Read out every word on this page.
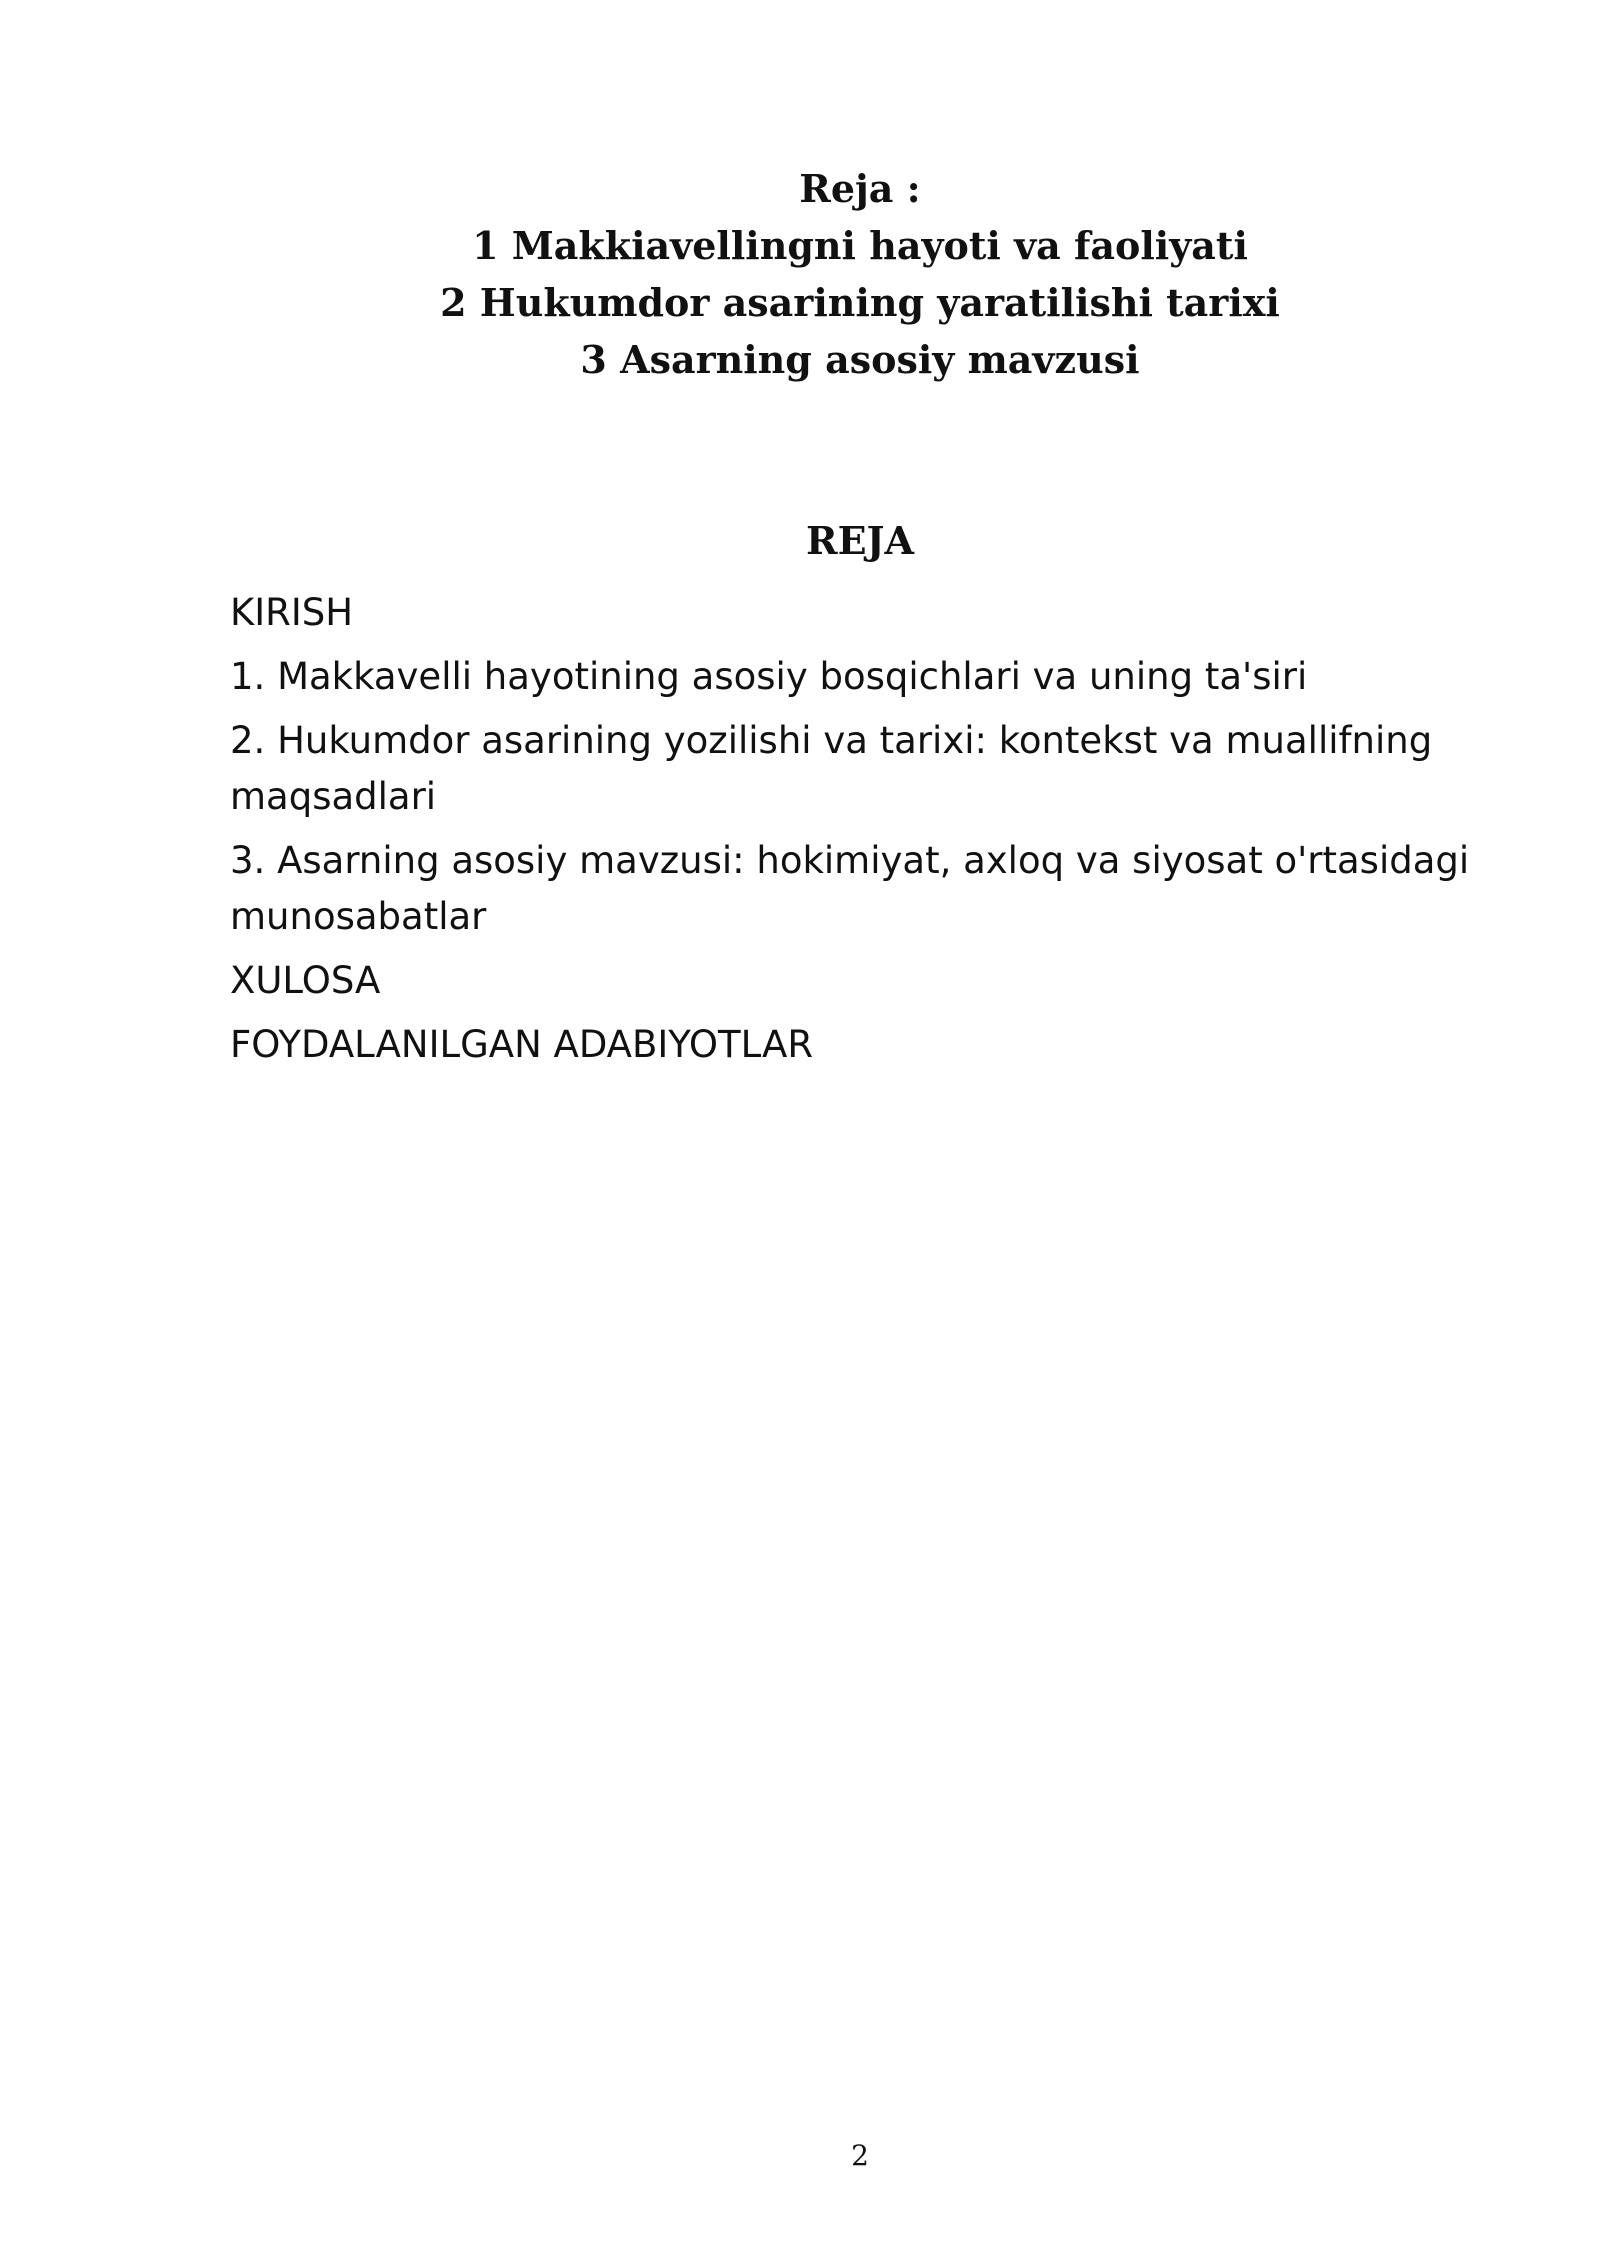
Reja :
1 Makkiavellingni hayoti va faoliyati
2 Hukumdor asarining yaratilishi tarixi
3 Asarning asosiy mavzusi
REJA
KIRISH
1. Makkavelli hayotining asosiy bosqichlari va uning ta'siri
2. Hukumdor asarining yozilishi va tarixi: kontekst va muallifning maqsadlari
3. Asarning asosiy mavzusi: hokimiyat, axloq va siyosat o'rtasidagi munosabatlar
XULOSA
FOYDALANILGAN ADABIYOTLAR
2
